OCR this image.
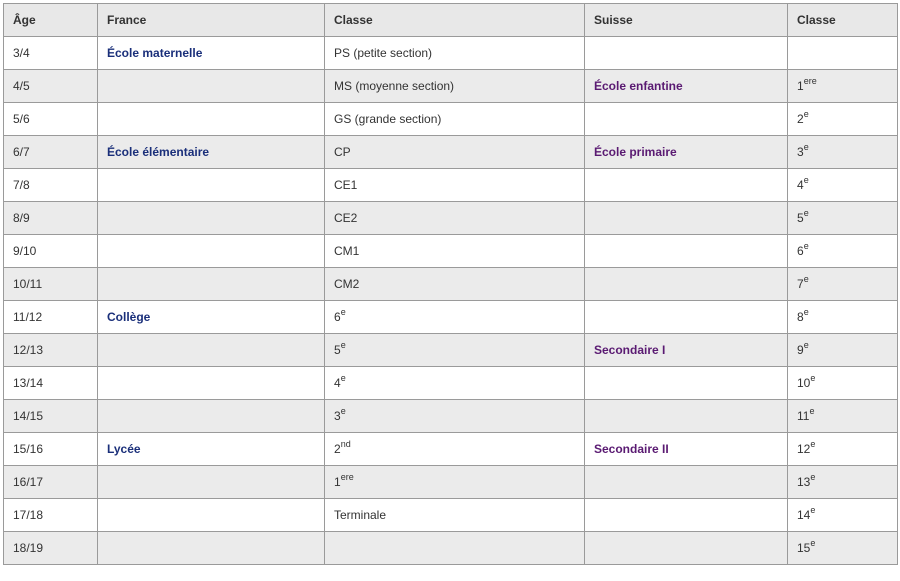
Âge	France	Classe	Suisse	Classe
3/4	École maternelle	PS (petite section)		
4/5		MS (moyenne section)	École enfantine	1ere
5/6		GS (grande section)		2e
6/7	École élémentaire	CP	École primaire	3e
7/8		CE1		4e
8/9		CE2		5e
9/10		CM1		6e
10/11		CM2		7e
11/12	Collège	6e		8e
12/13		5e	Secondaire I	9e
13/14		4e		10e
14/15		3e		11e
15/16	Lycée	2nd	Secondaire II	12e
16/17		1ere		13e
17/18		Terminale		14e
18/19				15e
